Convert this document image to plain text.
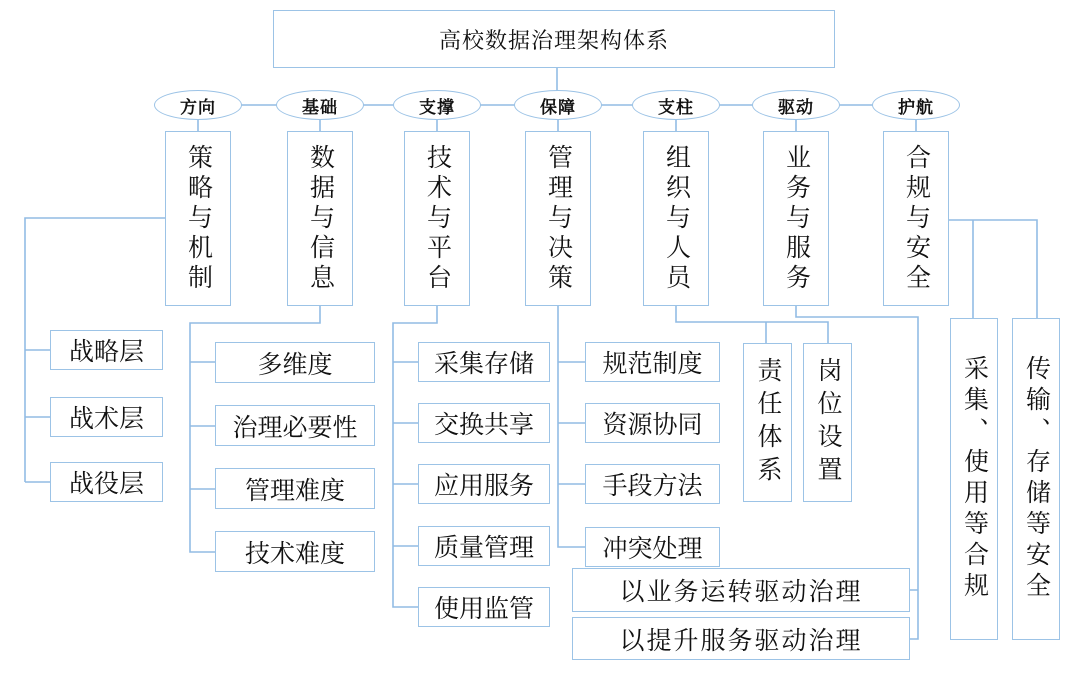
高校数据治理架构体系
方向	基础	支撑	保障	支柱	驱动	护航
策略与机制	数据与信息	技术与平台	管理与决策	组织与人员	业务与服务	合规与安全
战略层
战术层
战役层
多维度
治理必要性
管理难度
技术难度
采集存储
交换共享
应用服务
质量管理
使用监管
规范制度
资源协同
手段方法
冲突处理
责任体系	岗位设置
以业务运转驱动治理
以提升服务驱动治理
采集、使用等合规	传输、存储等安全
